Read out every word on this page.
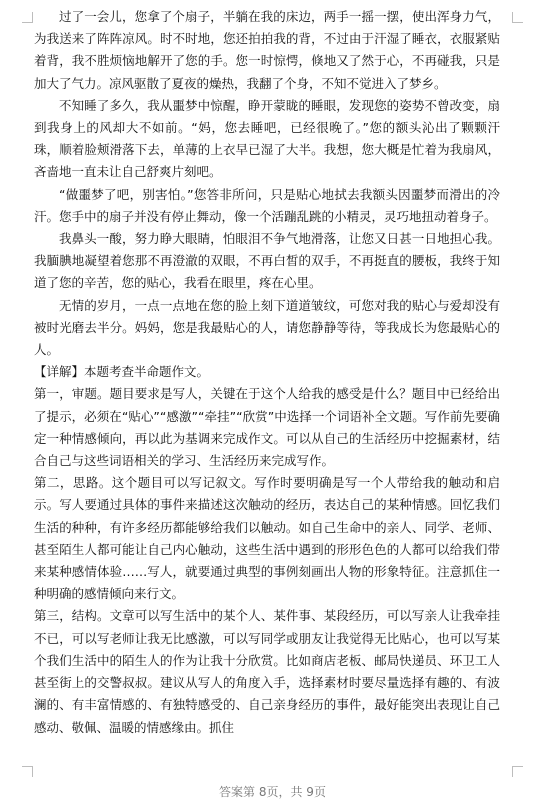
过了一会儿，您拿了个扇子，半躺在我的床边，两手一摇一摆，使出浑身力气，为我送来了阵阵凉风。时不时地，您还拍拍我的背，不过由于汗湿了睡衣，衣服紧贴着背，我不胜烦恼地解开了您的手。您一时惊愕，倏地又了然于心，不再碰我，只是加大了气力。凉风驱散了夏夜的燥热，我翻了个身，不知不觉进入了梦乡。

不知睡了多久，我从噩梦中惊醒，睁开蒙眬的睡眼，发现您的姿势不曾改变，扇到我身上的风却大不如前。“妈，您去睡吧，已经很晚了。”您的额头沁出了颗颗汗珠，顺着脸颊滑落下去，单薄的上衣早已湿了大半。我想，您大概是忙着为我扇风，吝啬地一直未让自己舒爽片刻吧。

“做噩梦了吧，别害怕。”您答非所问，只是贴心地拭去我额头因噩梦而滑出的冷汗。您手中的扇子并没有停止舞动，像一个活蹦乱跳的小精灵，灵巧地扭动着身子。

我鼻头一酸，努力睁大眼睛，怕眼泪不争气地滑落，让您又日甚一日地担心我。我腼腆地凝望着您那不再澄澈的双眼，不再白皙的双手，不再挺直的腰板，我终于知道了您的辛苦，您的贴心，我看在眼里，疼在心里。

无情的岁月，一点一点地在您的脸上刻下道道皱纹，可您对我的贴心与爱却没有被时光磨去半分。妈妈，您是我最贴心的人，请您静静等待，等我成长为您最贴心的人。

【详解】本题考查半命题作文。

第一，审题。题目要求是写人，关键在于这个人给我的感受是什么？题目中已经给出了提示，必须在“贴心”“感激”“牵挂”“欣赏”中选择一个词语补全文题。写作前先要确定一种情感倾向，再以此为基调来完成作文。可以从自己的生活经历中挖掘素材，结合自己与这些词语相关的学习、生活经历来完成写作。

第二，思路。这个题目可以写记叙文。写作时要明确是写一个人带给我的触动和启示。写人要通过具体的事件来描述这次触动的经历，表达自己的某种情感。回忆我们生活的种种，有许多经历都能够给我们以触动。如自己生命中的亲人、同学、老师、甚至陌生人都可能让自己内心触动，这些生活中遇到的形形色色的人都可以给我们带来某种感情体验……写人，就要通过典型的事例刻画出人物的形象特征。注意抓住一种明确的感情倾向来行文。

第三，结构。文章可以写生活中的某个人、某件事、某段经历，可以写亲人让我牵挂不已，可以写老师让我无比感激，可以写同学或朋友让我觉得无比贴心，也可以写某个我们生活中的陌生人的作为让我十分欣赏。比如商店老板、邮局快递员、环卫工人甚至街上的交警叔叔。建议从写人的角度入手，选择素材时要尽量选择有趣的、有波澜的、有丰富情感的、有独特感受的、自己亲身经历的事件，最好能突出表现让自己感动、敬佩、温暖的情感缘由。抓住

答案第 8页，共 9页
